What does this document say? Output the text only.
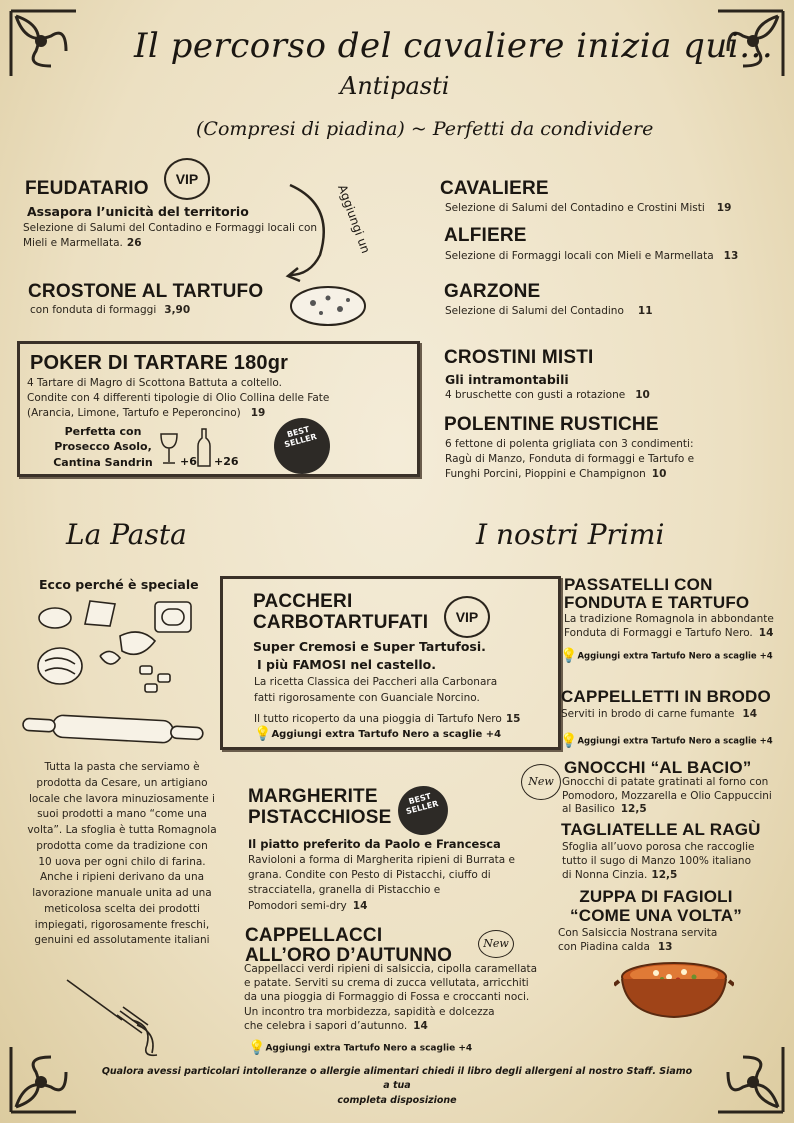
Il percorso del cavaliere inizia qui...
Antipasti
(Compresi di piadina) ~ Perfetti da condividere
FEUDATARIO	VIP
Assapora l’unicità del territorio
Selezione di Salumi del Contadino e Formaggi locali con Mieli e Marmellata. 26	Aggiungi un
CROSTONE AL TARTUFO
con fonduta di formaggi 3,90
POKER DI TARTARE 180gr
4 Tartare di Magro di Scottona Battuta a coltello.
Condite con 4 differenti tipologie di Olio Collina delle Fate
(Arancia, Limone, Tartufo e Peperoncino) 19
Perfetta con
Prosecco Asolo,
Cantina Sandrin	+6 +26
BEST SELLER
CAVALIERE
Selezione di Salumi del Contadino e Crostini Misti 19
ALFIERE
Selezione di Formaggi locali con Mieli e Marmellata 13
GARZONE
Selezione di Salumi del Contadino 11
CROSTINI MISTI
Gli intramontabili
4 bruschette con gusti a rotazione 10
POLENTINE RUSTICHE
6 fettone di polenta grigliata con 3 condimenti:
Ragù di Manzo, Fonduta di formaggi e Tartufo e
Funghi Porcini, Pioppini e Champignon 10
La Pasta
Ecco perché è speciale
Tutta la pasta che serviamo è
prodotta da Cesare, un artigiano
locale che lavora minuziosamente i
suoi prodotti a mano “come una
volta”. La sfoglia è tutta Romagnola
prodotta come da tradizione con
10 uova per ogni chilo di farina.
Anche i ripieni derivano da una
lavorazione manuale unita ad una
meticolosa scelta dei prodotti
impiegati, rigorosamente freschi,
genuini ed assolutamente italiani
I nostri Primi
PACCHERI
CARBOTARTUFATI	VIP
Super Cremosi e Super Tartufosi.
I più FAMOSI nel castello.
La ricetta Classica dei Paccheri alla Carbonara
fatti rigorosamente con Guanciale Norcino.
Il tutto ricoperto da una pioggia di Tartufo Nero 15
💡Aggiungi extra Tartufo Nero a scaglie +4
MARGHERITE
PISTACCHIOSE
BEST SELLER
Il piatto preferito da Paolo e Francesca
Ravioloni a forma di Margherita ripieni di Burrata e
grana. Condite con Pesto di Pistacchi, ciuffo di
stracciatella, granella di Pistacchio e
Pomodori semi-dry 14
CAPPELLACCI
ALL’ORO D’AUTUNNO
New
Cappellacci verdi ripieni di salsiccia, cipolla caramellata
e patate. Serviti su crema di zucca vellutata, arricchiti
da una pioggia di Formaggio di Fossa e croccanti noci.
Un incontro tra morbidezza, sapidità e dolcezza
che celebra i sapori d’autunno. 14
💡Aggiungi extra Tartufo Nero a scaglie +4
PASSATELLI CON
FONDUTA E TARTUFO
La tradizione Romagnola in abbondante
Fonduta di Formaggi e Tartufo Nero. 14
💡Aggiungi extra Tartufo Nero a scaglie +4
CAPPELLETTI IN BRODO
Serviti in brodo di carne fumante 14
💡Aggiungi extra Tartufo Nero a scaglie +4
New
GNOCCHI “AL BACIO”
Gnocchi di patate gratinati al forno con
Pomodoro, Mozzarella e Olio Cappuccini
al Basilico 12,5
TAGLIATELLE AL RAGÙ
Sfoglia all’uovo porosa che raccoglie
tutto il sugo di Manzo 100% italiano
di Nonna Cinzia. 12,5
ZUPPA DI FAGIOLI
“COME UNA VOLTA”
Con Salsiccia Nostrana servita
con Piadina calda 13
Qualora avessi particolari intolleranze o allergie alimentari chiedi il libro degli allergeni al nostro Staff. Siamo a tua
completa disposizione
